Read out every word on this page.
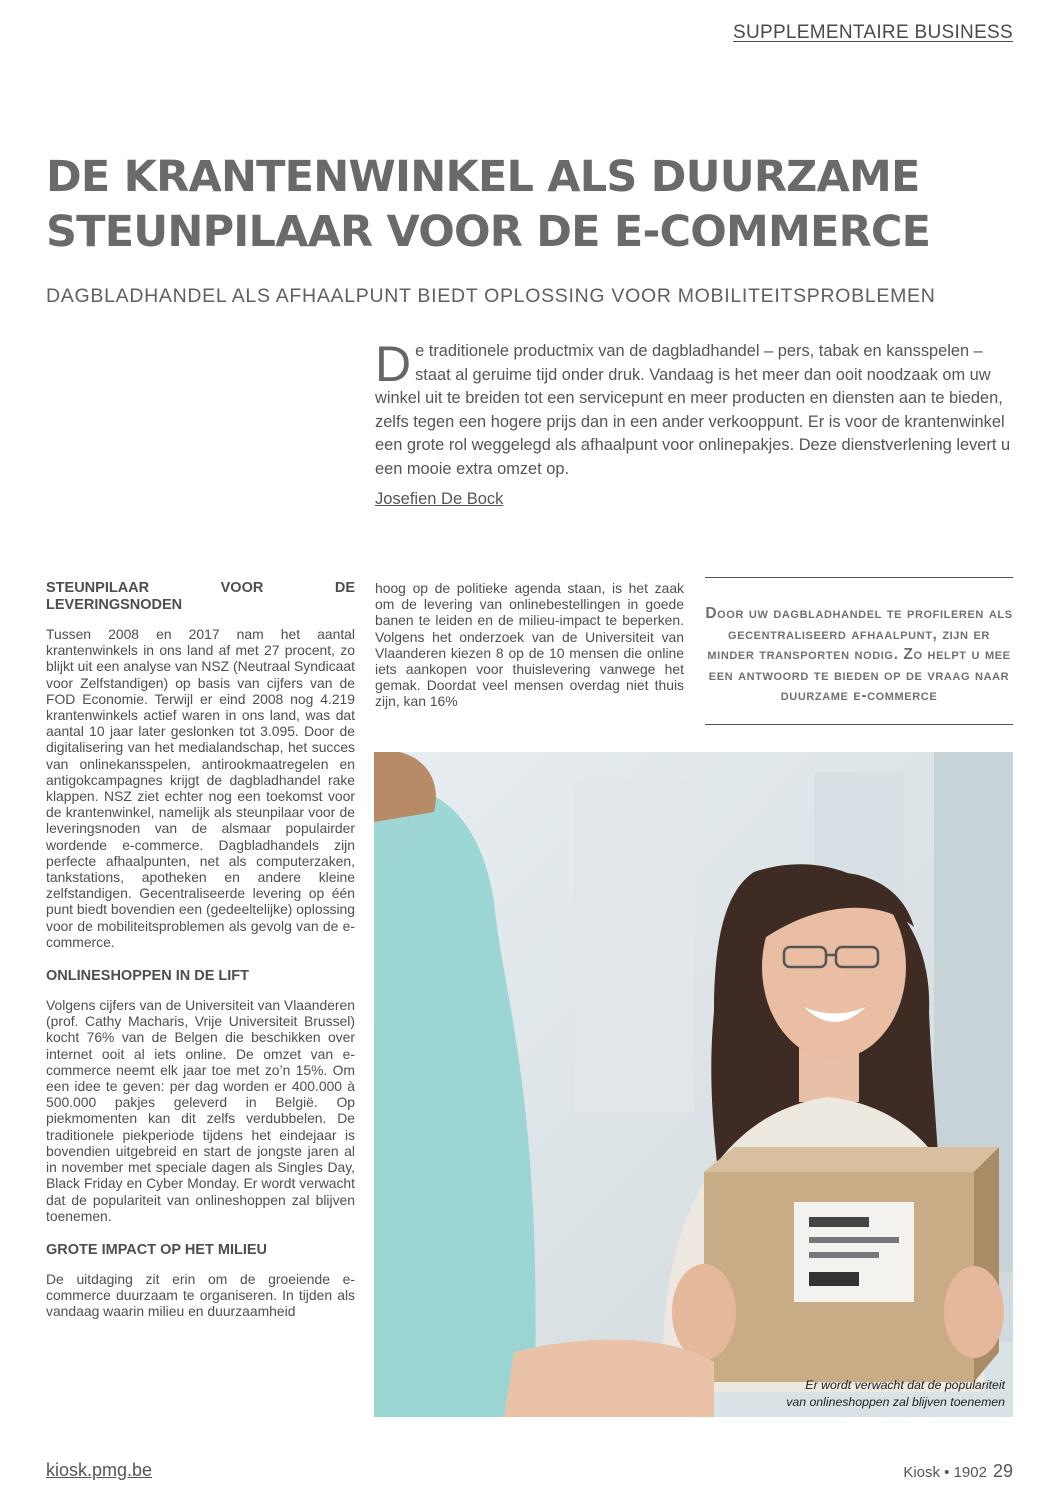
SUPPLEMENTAIRE BUSINESS
DE KRANTENWINKEL ALS DUURZAME STEUNPILAAR VOOR DE E-COMMERCE
DAGBLADHANDEL ALS AFHAALPUNT BIEDT OPLOSSING VOOR MOBILITEITSPROBLEMEN
De traditionele productmix van de dagbladhandel – pers, tabak en kansspelen – staat al geruime tijd onder druk. Vandaag is het meer dan ooit noodzaak om uw winkel uit te breiden tot een servicepunt en meer producten en diensten aan te bieden, zelfs tegen een hogere prijs dan in een ander verkooppunt. Er is voor de krantenwinkel een grote rol weggelegd als afhaalpunt voor onlinepakjes. Deze dienstverlening levert u een mooie extra omzet op.
Josefien De Bock
STEUNPILAAR VOOR DE LEVERINGSNODEN

Tussen 2008 en 2017 nam het aantal krantenwinkels in ons land af met 27 procent, zo blijkt uit een analyse van NSZ (Neutraal Syndicaat voor Zelfstandigen) op basis van cijfers van de FOD Economie. Terwijl er eind 2008 nog 4.219 krantenwinkels actief waren in ons land, was dat aantal 10 jaar later geslonken tot 3.095. Door de digitalisering van het medialandschap, het succes van onlinekansspelen, antirookmaatregelen en antigokcampagnes krijgt de dagbladhandel rake klappen. NSZ ziet echter nog een toekomst voor de krantenwinkel, namelijk als steunpilaar voor de leveringsnoden van de alsmaar populairder wordende e-commerce. Dagbladhandels zijn perfecte afhaalpunten, net als computerzaken, tankstations, apotheken en andere kleine zelfstandigen. Gecentraliseerde levering op één punt biedt bovendien een (gedeeltelijke) oplossing voor de mobiliteitsproblemen als gevolg van de e-commerce.

ONLINESHOPPEN IN DE LIFT

Volgens cijfers van de Universiteit van Vlaanderen (prof. Cathy Macharis, Vrije Universiteit Brussel) kocht 76% van de Belgen die beschikken over internet ooit al iets online. De omzet van e-commerce neemt elk jaar toe met zo’n 15%. Om een idee te geven: per dag worden er 400.000 à 500.000 pakjes geleverd in België. Op piekmomenten kan dit zelfs verdubbelen. De traditionele piekperiode tijdens het eindejaar is bovendien uitgebreid en start de jongste jaren al in november met speciale dagen als Singles Day, Black Friday en Cyber Monday. Er wordt verwacht dat de populariteit van onlineshoppen zal blijven toenemen.

GROTE IMPACT OP HET MILIEU

De uitdaging zit erin om de groeiende e-commerce duurzaam te organiseren. In tijden als vandaag waarin milieu en duurzaamheid

hoog op de politieke agenda staan, is het zaak om de levering van onlinebestellingen in goede banen te leiden en de milieu-impact te beperken. Volgens het onderzoek van de Universiteit van Vlaanderen kiezen 8 op de 10 mensen die online iets aankopen voor thuislevering vanwege het gemak. Doordat veel mensen overdag niet thuis zijn, kan 16%

Door uw dagbladhandel te profileren als gecentraliseerd afhaalpunt, zijn er minder transporten nodig. Zo helpt u mee een antwoord te bieden op de vraag naar duurzame e-commerce

Er wordt verwacht dat de populariteit
van onlineshoppen zal blijven toenemen
kiosk.pmg.be	Kiosk • 1902 29
